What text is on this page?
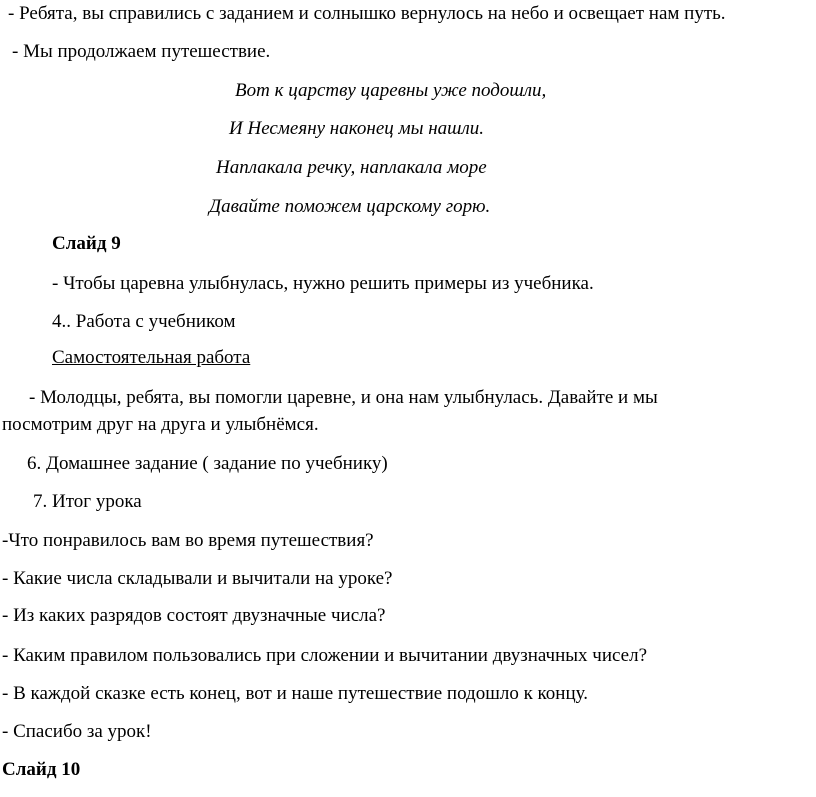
- Ребята, вы справились с заданием и солнышко вернулось на небо и освещает нам путь.
- Мы продолжаем путешествие.
Вот к царству царевны уже подошли,
И Несмеяну наконец мы нашли.
Наплакала речку, наплакала море
Давайте поможем царскому горю.
Слайд 9
- Чтобы царевна улыбнулась, нужно решить примеры из учебника.
4.. Работа с учебником
Самостоятельная работа
- Молодцы, ребята, вы помогли царевне, и она нам улыбнулась. Давайте и мы
посмотрим друг на друга и улыбнёмся.
6. Домашнее задание ( задание по учебнику)
7. Итог урока
-Что понравилось вам во время путешествия?
- Какие числа складывали и вычитали на уроке?
- Из каких разрядов состоят двузначные числа?
- Каким правилом пользовались при сложении и вычитании двузначных чисел?
- В каждой сказке есть конец, вот и наше путешествие подошло к концу.
- Спасибо за урок!
Слайд 10
